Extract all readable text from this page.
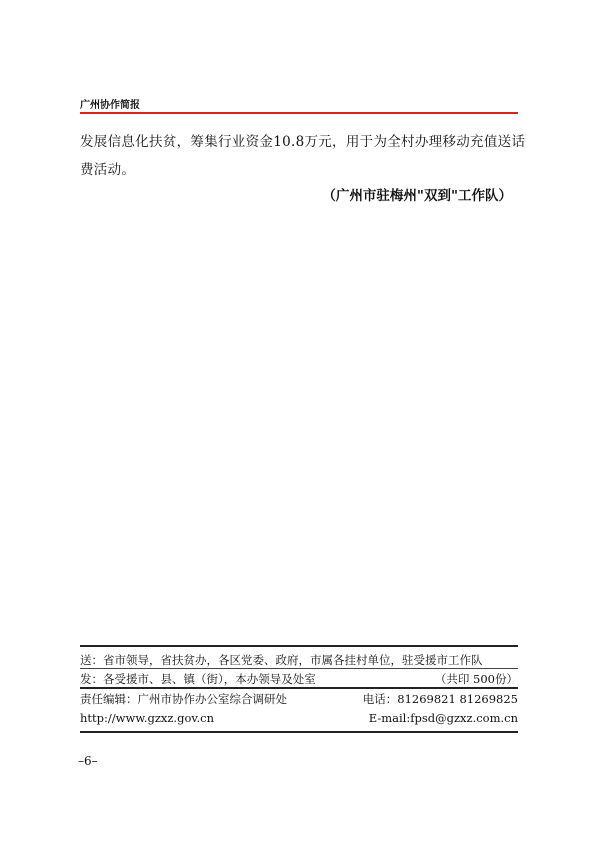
广州协作简报
发展信息化扶贫，筹集行业资金10.8万元，用于为全村办理移动充值送话
费活动。
（广州市驻梅州"双到"工作队）
送：省市领导，省扶贫办，各区党委、政府，市属各挂村单位，驻受援市工作队
发：各受援市、县、镇（街），本办领导及处室	（共印 500份）
责任编辑：广州市协作办公室综合调研处	电话：81269821 81269825
http://www.gzxz.gov.cn	E-mail:fpsd@gzxz.com.cn
–6–
